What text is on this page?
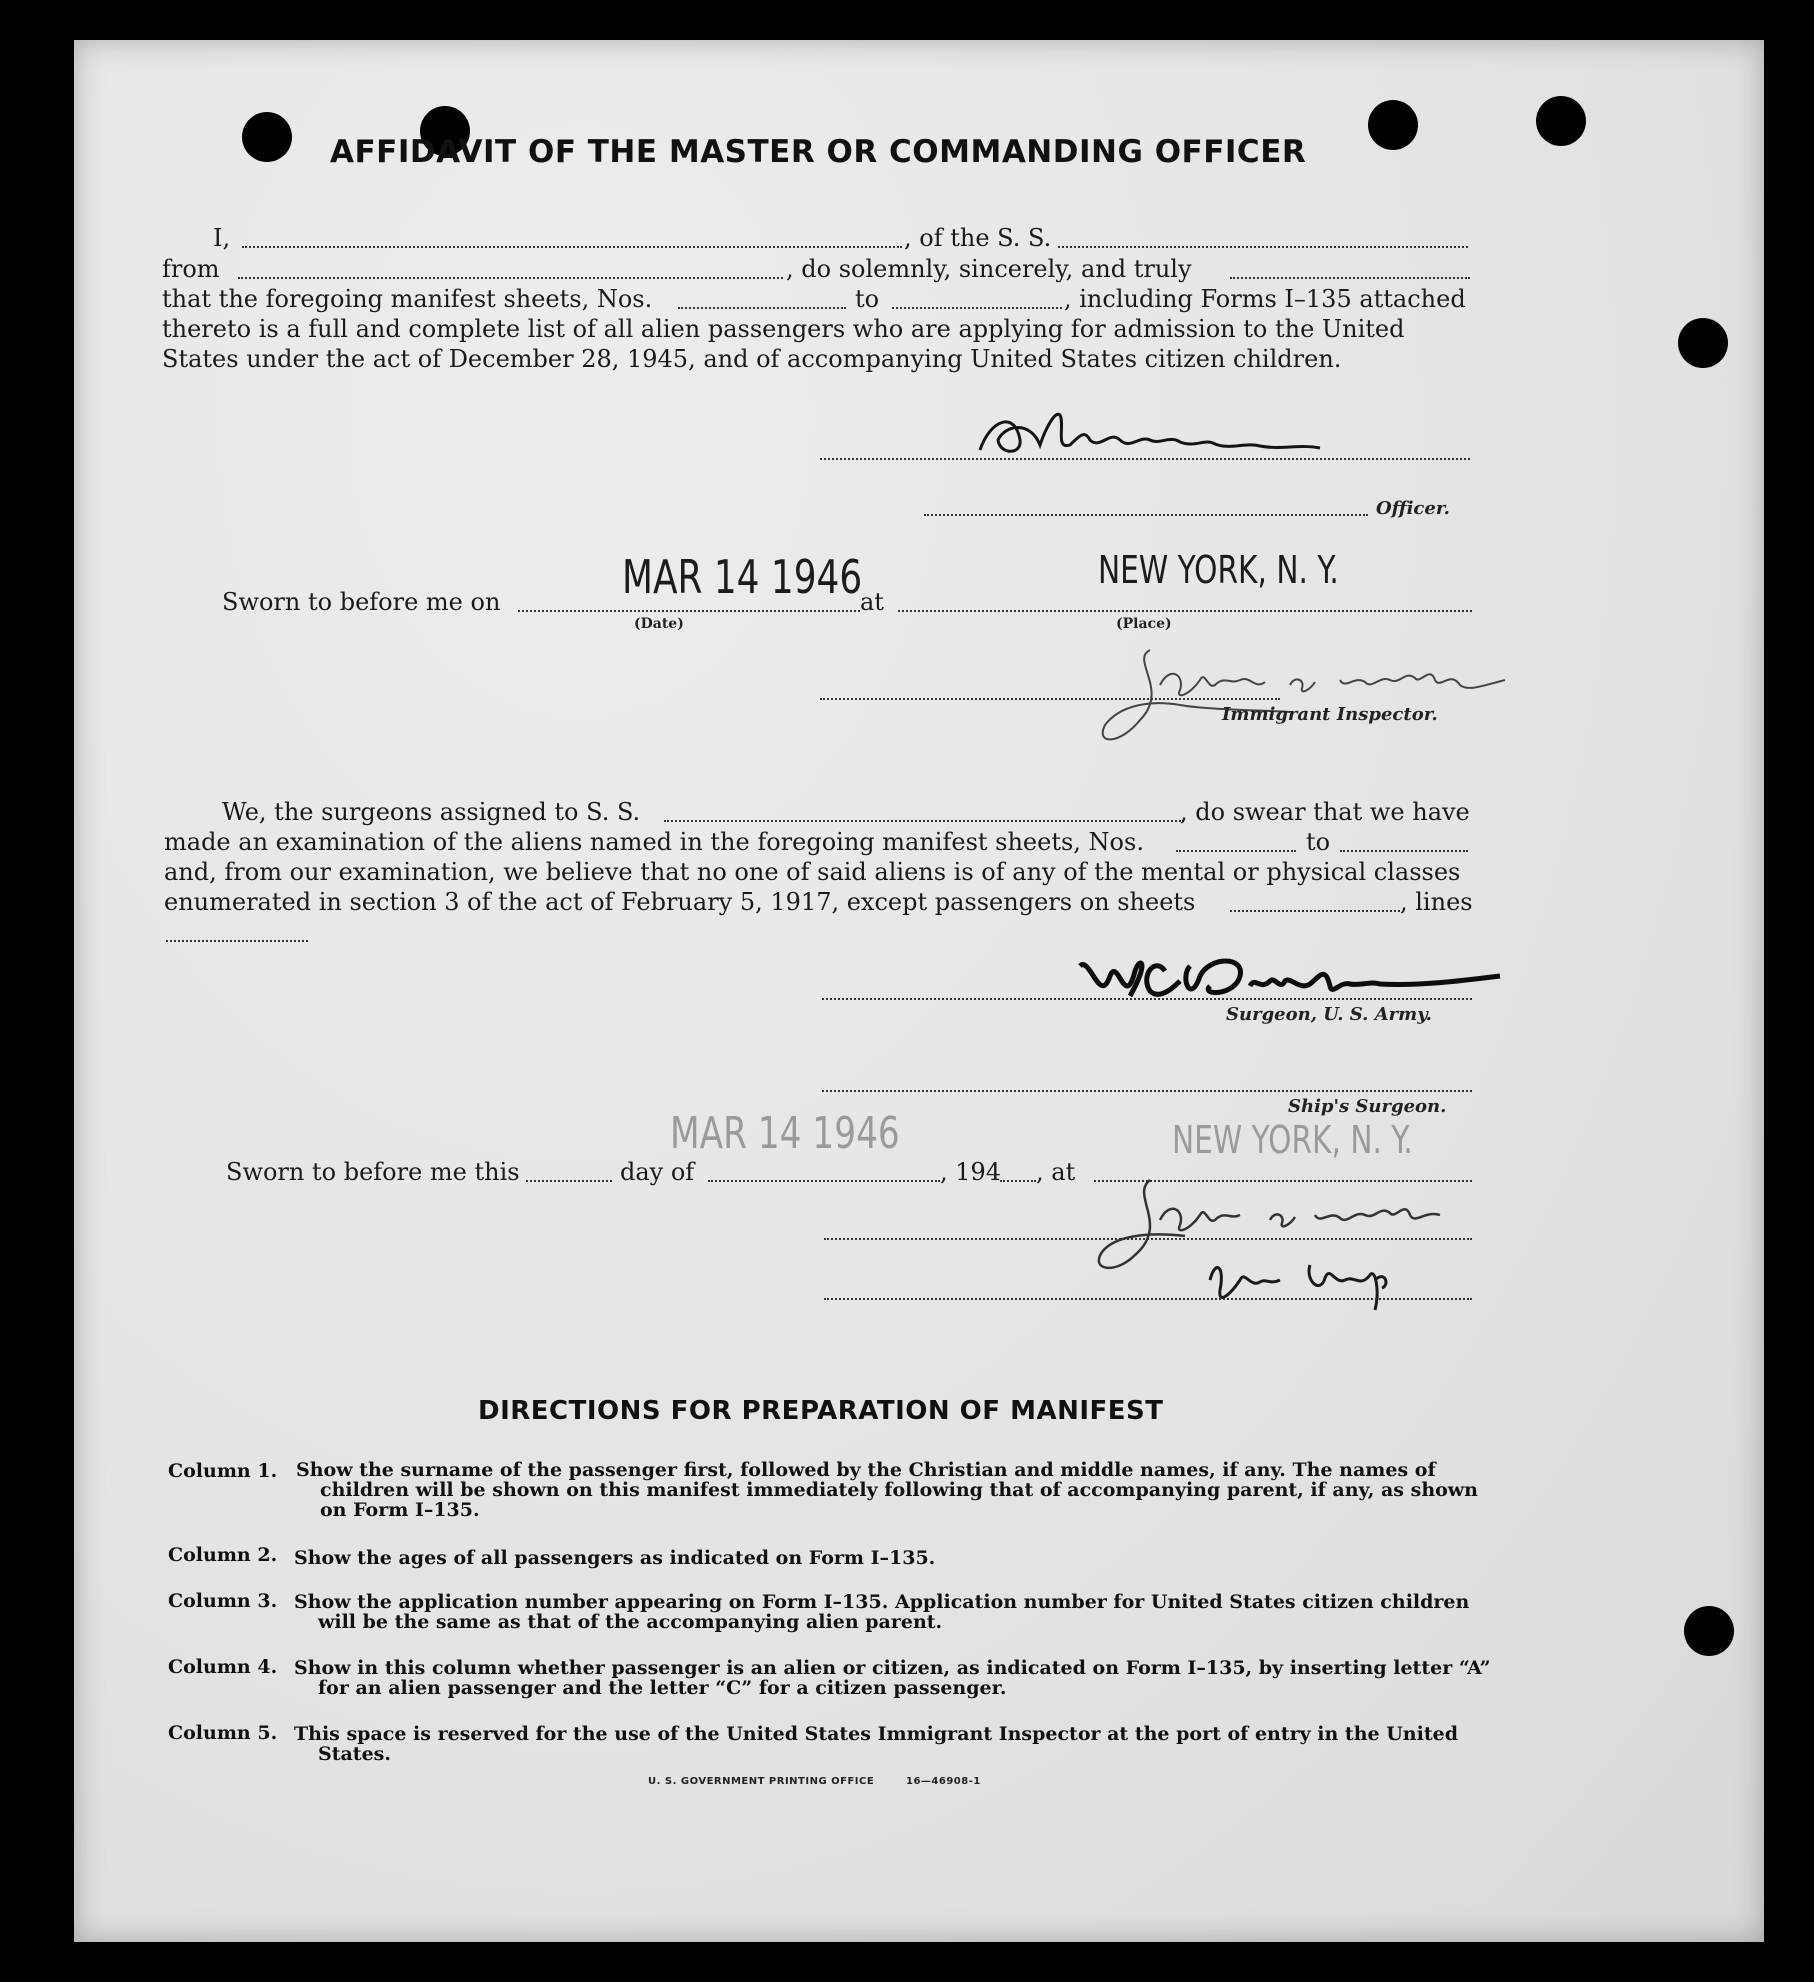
AFFIDAVIT OF THE MASTER OR COMMANDING OFFICER
I,	, of the S. S.
from	, do solemnly, sincerely, and truly
that the foregoing manifest sheets, Nos.	to	, including Forms I–135 attached
thereto is a full and complete list of all alien passengers who are applying for admission to the United
States under the act of December 28, 1945, and of accompanying United States citizen children.
Officer.
Sworn to before me on	MAR 14 1946
at
NEW YORK, N. Y.
(Date)	(Place)
Immigrant Inspector.
We, the surgeons assigned to S. S.	, do swear that we have
made an examination of the aliens named in the foregoing manifest sheets, Nos.	to
and, from our examination, we believe that no one of said aliens is of any of the mental or physical classes
enumerated in section 3 of the act of February 5, 1917, except passengers on sheets	, lines
Surgeon, U. S. Army.
Ship's Surgeon.
MAR 14 1946	NEW YORK, N. Y.
Sworn to before me this	day of	, 194 , at
DIRECTIONS FOR PREPARATION OF MANIFEST
Column 1. Show the surname of the passenger first, followed by the Christian and middle names, if any. The names of children will be shown on this manifest immediately following that of accompanying parent, if any, as shown on Form I–135.
Column 2. Show the ages of all passengers as indicated on Form I–135.
Column 3. Show the application number appearing on Form I–135. Application number for United States citizen children will be the same as that of the accompanying alien parent.
Column 4. Show in this column whether passenger is an alien or citizen, as indicated on Form I–135, by inserting letter “A” for an alien passenger and the letter “C” for a citizen passenger.
Column 5. This space is reserved for the use of the United States Immigrant Inspector at the port of entry in the United States.
U. S. GOVERNMENT PRINTING OFFICE	16—46908-1
